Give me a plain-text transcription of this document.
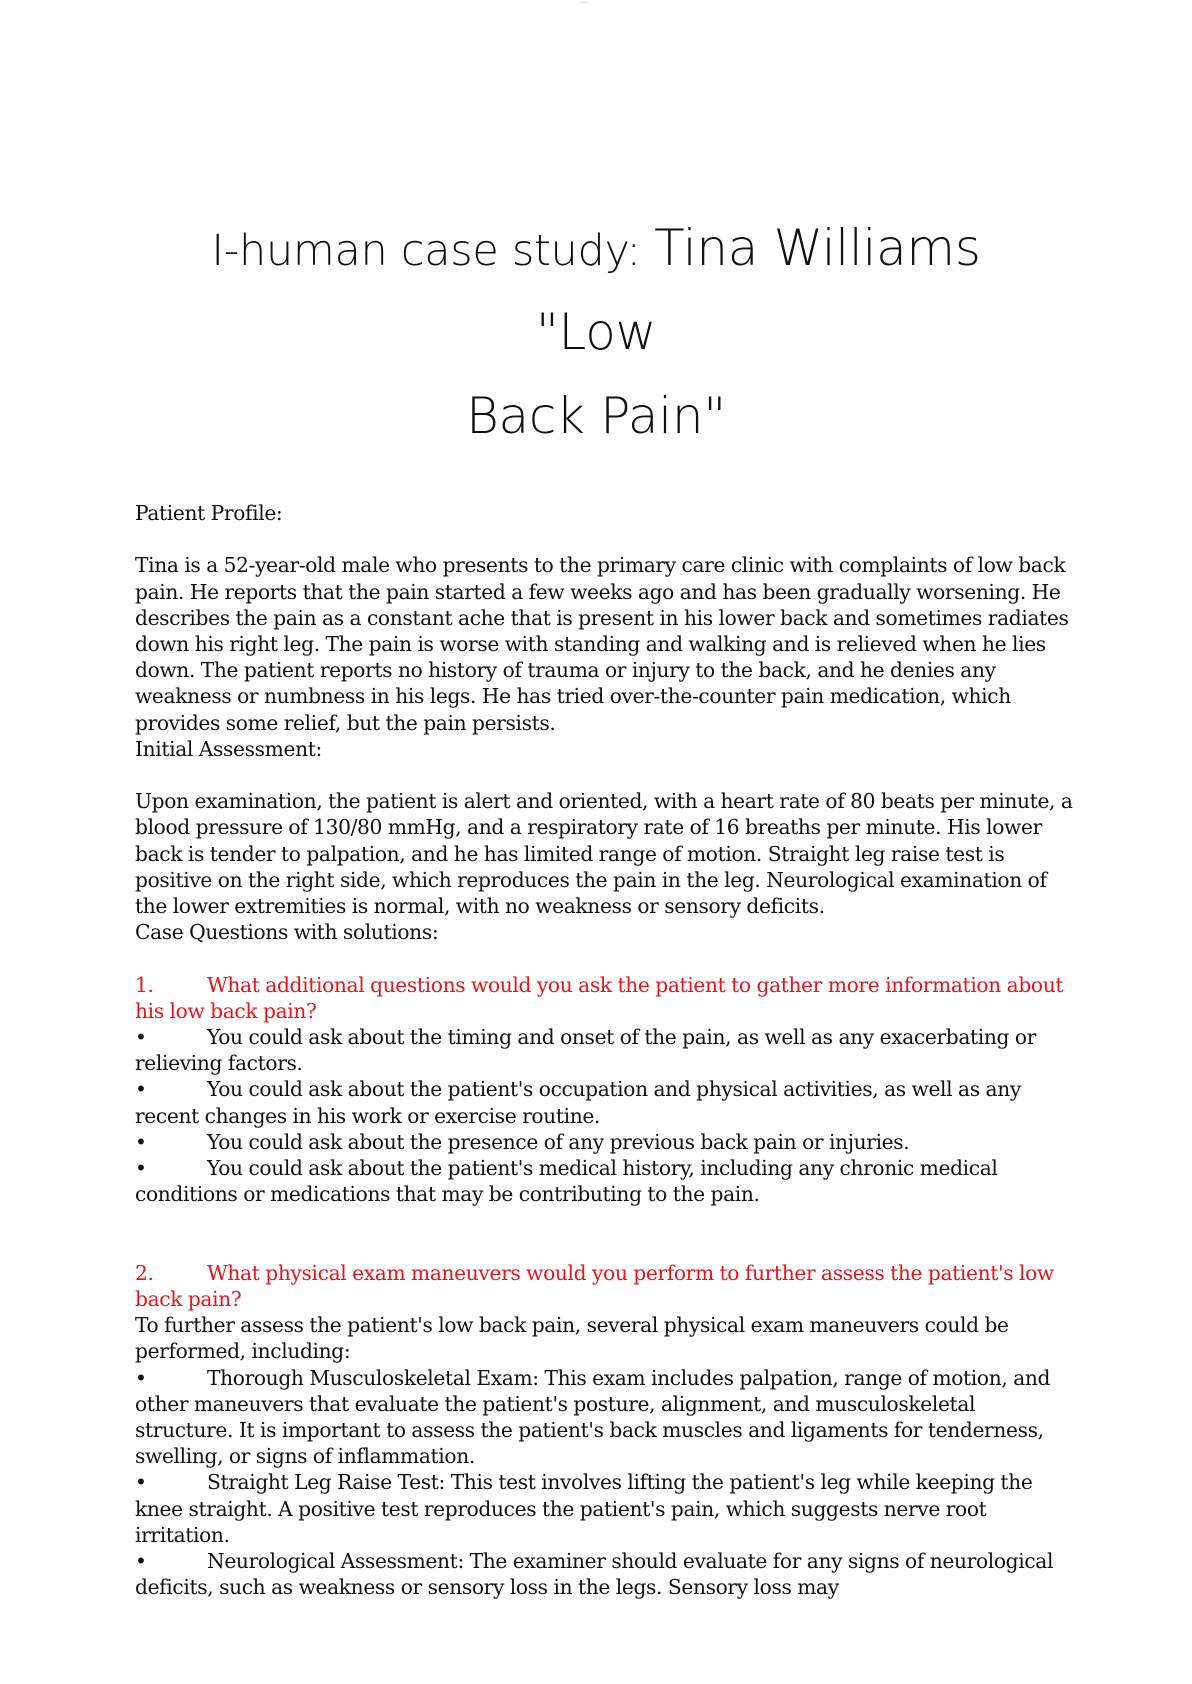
--------
I-human case study: Tina Williams "Low
Back Pain"

Patient Profile:

Tina is a 52-year-old male who presents to the primary care clinic with complaints of low back pain. He reports that the pain started a few weeks ago and has been gradually worsening. He describes the pain as a constant ache that is present in his lower back and sometimes radiates down his right leg. The pain is worse with standing and walking and is relieved when he lies down. The patient reports no history of trauma or injury to the back, and he denies any weakness or numbness in his legs. He has tried over-the-counter pain medication, which provides some relief, but the pain persists.

Initial Assessment:

Upon examination, the patient is alert and oriented, with a heart rate of 80 beats per minute, a blood pressure of 130/80 mmHg, and a respiratory rate of 16 breaths per minute. His lower back is tender to palpation, and he has limited range of motion. Straight leg raise test is positive on the right side, which reproduces the pain in the leg. Neurological examination of the lower extremities is normal, with no weakness or sensory deficits.

Case Questions with solutions:

1.	What additional questions would you ask the patient to gather more information about his low back pain?

•	You could ask about the timing and onset of the pain, as well as any exacerbating or relieving factors.

•	You could ask about the patient's occupation and physical activities, as well as any recent changes in his work or exercise routine.

•	You could ask about the presence of any previous back pain or injuries.

•	You could ask about the patient's medical history, including any chronic medical conditions or medications that may be contributing to the pain.

2.	What physical exam maneuvers would you perform to further assess the patient's low back pain?

To further assess the patient's low back pain, several physical exam maneuvers could be performed, including:

•	Thorough Musculoskeletal Exam: This exam includes palpation, range of motion, and other maneuvers that evaluate the patient's posture, alignment, and musculoskeletal structure. It is important to assess the patient's back muscles and ligaments for tenderness, swelling, or signs of inflammation.

•	Straight Leg Raise Test: This test involves lifting the patient's leg while keeping the knee straight. A positive test reproduces the patient's pain, which suggests nerve root irritation.

•	Neurological Assessment: The examiner should evaluate for any signs of neurological deficits, such as weakness or sensory loss in the legs. Sensory loss may
